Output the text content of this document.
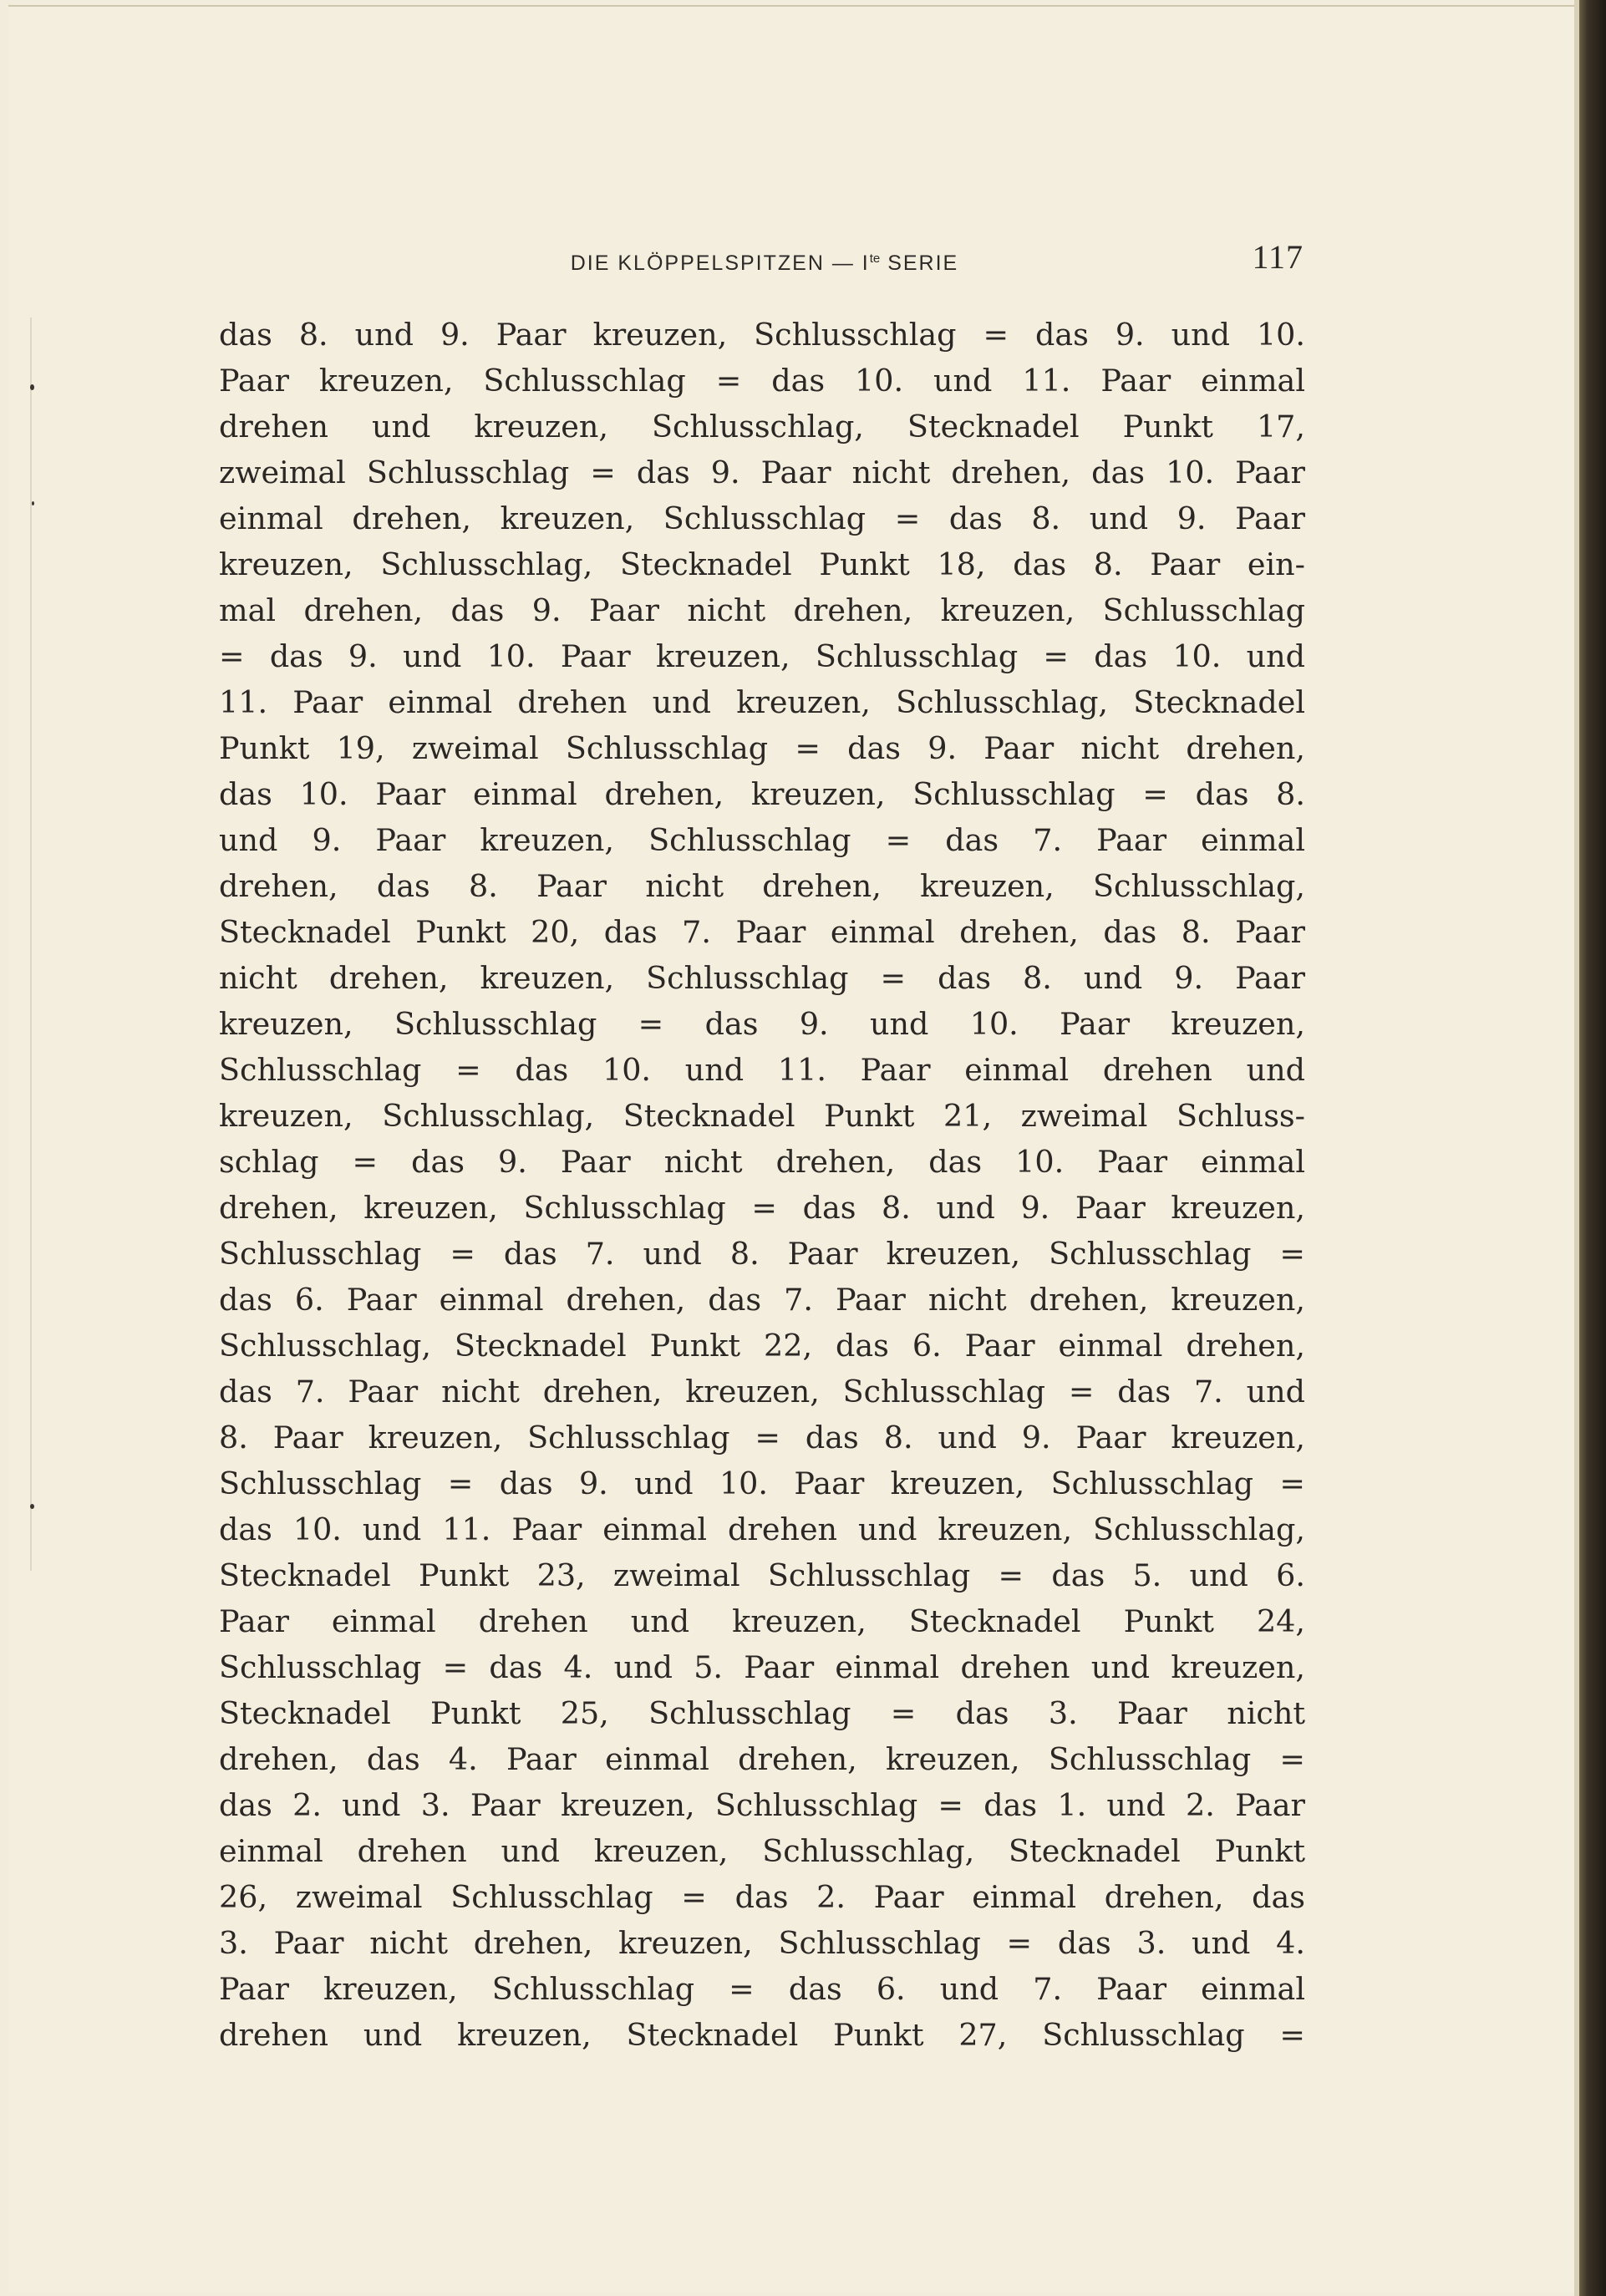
DIE KLÖPPELSPITZEN — $I^{te}$ SERIE	117
das 8. und 9. Paar kreuzen, Schlusschlag = das 9. und 10.
Paar kreuzen, Schlusschlag = das 10. und 11. Paar einmal
drehen und kreuzen, Schlusschlag, Stecknadel Punkt 17,
zweimal Schlusschlag = das 9. Paar nicht drehen, das 10. Paar
einmal drehen, kreuzen, Schlusschlag = das 8. und 9. Paar
kreuzen, Schlusschlag, Stecknadel Punkt 18, das 8. Paar ein-
mal drehen, das 9. Paar nicht drehen, kreuzen, Schlusschlag
= das 9. und 10. Paar kreuzen, Schlusschlag = das 10. und
11. Paar einmal drehen und kreuzen, Schlusschlag, Stecknadel
Punkt 19, zweimal Schlusschlag = das 9. Paar nicht drehen,
das 10. Paar einmal drehen, kreuzen, Schlusschlag = das 8.
und 9. Paar kreuzen, Schlusschlag = das 7. Paar einmal
drehen, das 8. Paar nicht drehen, kreuzen, Schlusschlag,
Stecknadel Punkt 20, das 7. Paar einmal drehen, das 8. Paar
nicht drehen, kreuzen, Schlusschlag = das 8. und 9. Paar
kreuzen, Schlusschlag = das 9. und 10. Paar kreuzen,
Schlusschlag = das 10. und 11. Paar einmal drehen und
kreuzen, Schlusschlag, Stecknadel Punkt 21, zweimal Schluss-
schlag = das 9. Paar nicht drehen, das 10. Paar einmal
drehen, kreuzen, Schlusschlag = das 8. und 9. Paar kreuzen,
Schlusschlag = das 7. und 8. Paar kreuzen, Schlusschlag =
das 6. Paar einmal drehen, das 7. Paar nicht drehen, kreuzen,
Schlusschlag, Stecknadel Punkt 22, das 6. Paar einmal drehen,
das 7. Paar nicht drehen, kreuzen, Schlusschlag = das 7. und
8. Paar kreuzen, Schlusschlag = das 8. und 9. Paar kreuzen,
Schlusschlag = das 9. und 10. Paar kreuzen, Schlusschlag =
das 10. und 11. Paar einmal drehen und kreuzen, Schlusschlag,
Stecknadel Punkt 23, zweimal Schlusschlag = das 5. und 6.
Paar einmal drehen und kreuzen, Stecknadel Punkt 24,
Schlusschlag = das 4. und 5. Paar einmal drehen und kreuzen,
Stecknadel Punkt 25, Schlusschlag = das 3. Paar nicht
drehen, das 4. Paar einmal drehen, kreuzen, Schlusschlag =
das 2. und 3. Paar kreuzen, Schlusschlag = das 1. und 2. Paar
einmal drehen und kreuzen, Schlusschlag, Stecknadel Punkt
26, zweimal Schlusschlag = das 2. Paar einmal drehen, das
3. Paar nicht drehen, kreuzen, Schlusschlag = das 3. und 4.
Paar kreuzen, Schlusschlag = das 6. und 7. Paar einmal
drehen und kreuzen, Stecknadel Punkt 27, Schlusschlag =
